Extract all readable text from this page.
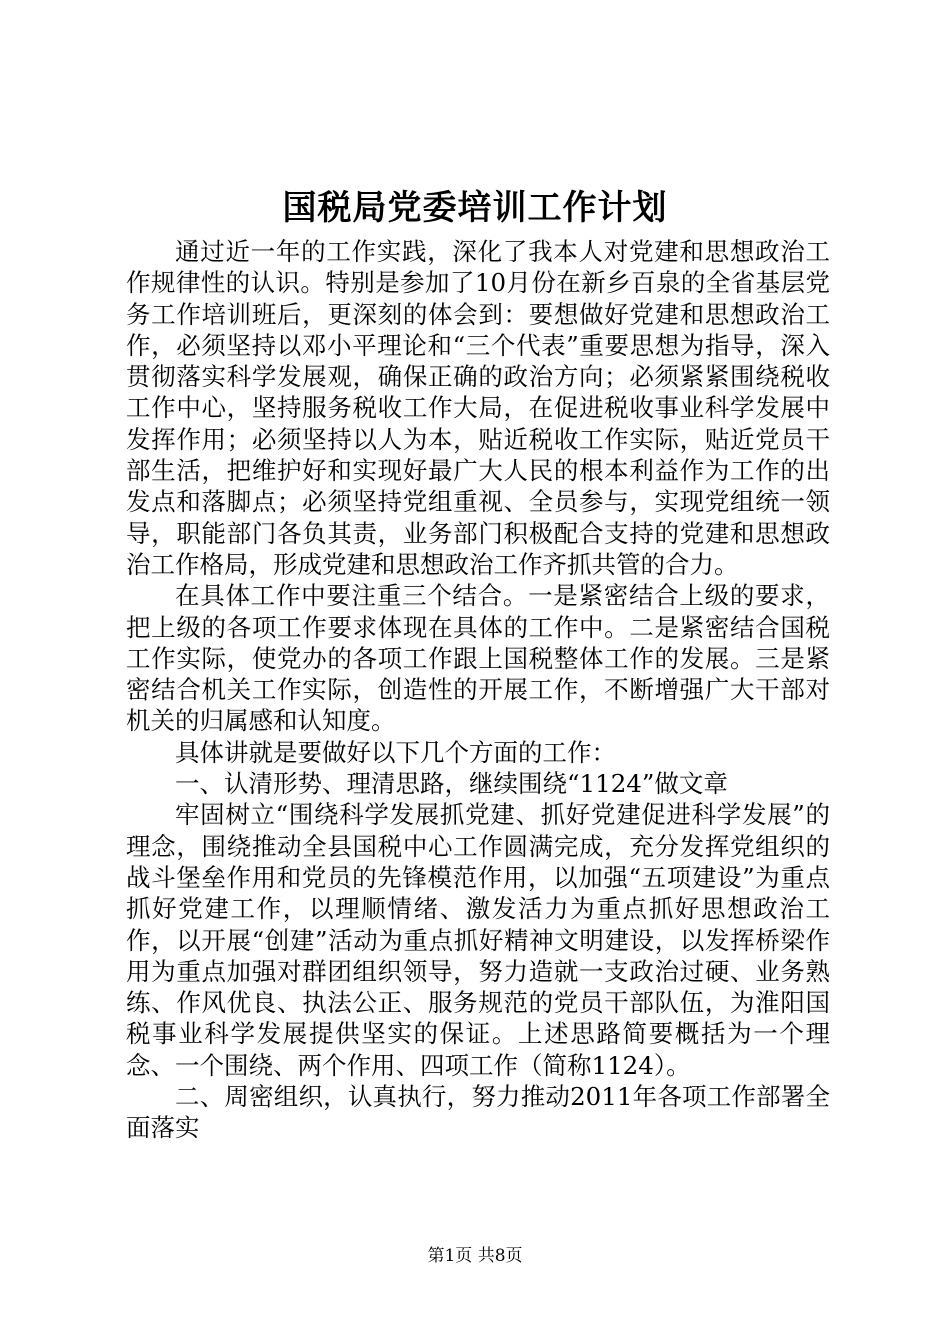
国税局党委培训工作计划

通过近一年的工作实践，深化了我本人对党建和思想政治工作规律性的认识。特别是参加了10月份在新乡百泉的全省基层党务工作培训班后，更深刻的体会到：要想做好党建和思想政治工作，必须坚持以邓小平理论和“三个代表”重要思想为指导，深入贯彻落实科学发展观，确保正确的政治方向；必须紧紧围绕税收工作中心，坚持服务税收工作大局，在促进税收事业科学发展中发挥作用；必须坚持以人为本，贴近税收工作实际，贴近党员干部生活，把维护好和实现好最广大人民的根本利益作为工作的出发点和落脚点；必须坚持党组重视、全员参与，实现党组统一领导，职能部门各负其责，业务部门积极配合支持的党建和思想政治工作格局，形成党建和思想政治工作齐抓共管的合力。

在具体工作中要注重三个结合。一是紧密结合上级的要求，把上级的各项工作要求体现在具体的工作中。二是紧密结合国税工作实际，使党办的各项工作跟上国税整体工作的发展。三是紧密结合机关工作实际，创造性的开展工作，不断增强广大干部对机关的归属感和认知度。

具体讲就是要做好以下几个方面的工作：

一、认清形势、理清思路，继续围绕“1124”做文章

牢固树立“围绕科学发展抓党建、抓好党建促进科学发展”的理念，围绕推动全县国税中心工作圆满完成，充分发挥党组织的战斗堡垒作用和党员的先锋模范作用，以加强“五项建设”为重点抓好党建工作，以理顺情绪、激发活力为重点抓好思想政治工作，以开展“创建”活动为重点抓好精神文明建设，以发挥桥梁作用为重点加强对群团组织领导，努力造就一支政治过硬、业务熟练、作风优良、执法公正、服务规范的党员干部队伍，为淮阳国税事业科学发展提供坚实的保证。上述思路简要概括为一个理念、一个围绕、两个作用、四项工作（简称1124）。

二、周密组织，认真执行，努力推动2011年各项工作部署全面落实

第1页 共8页
